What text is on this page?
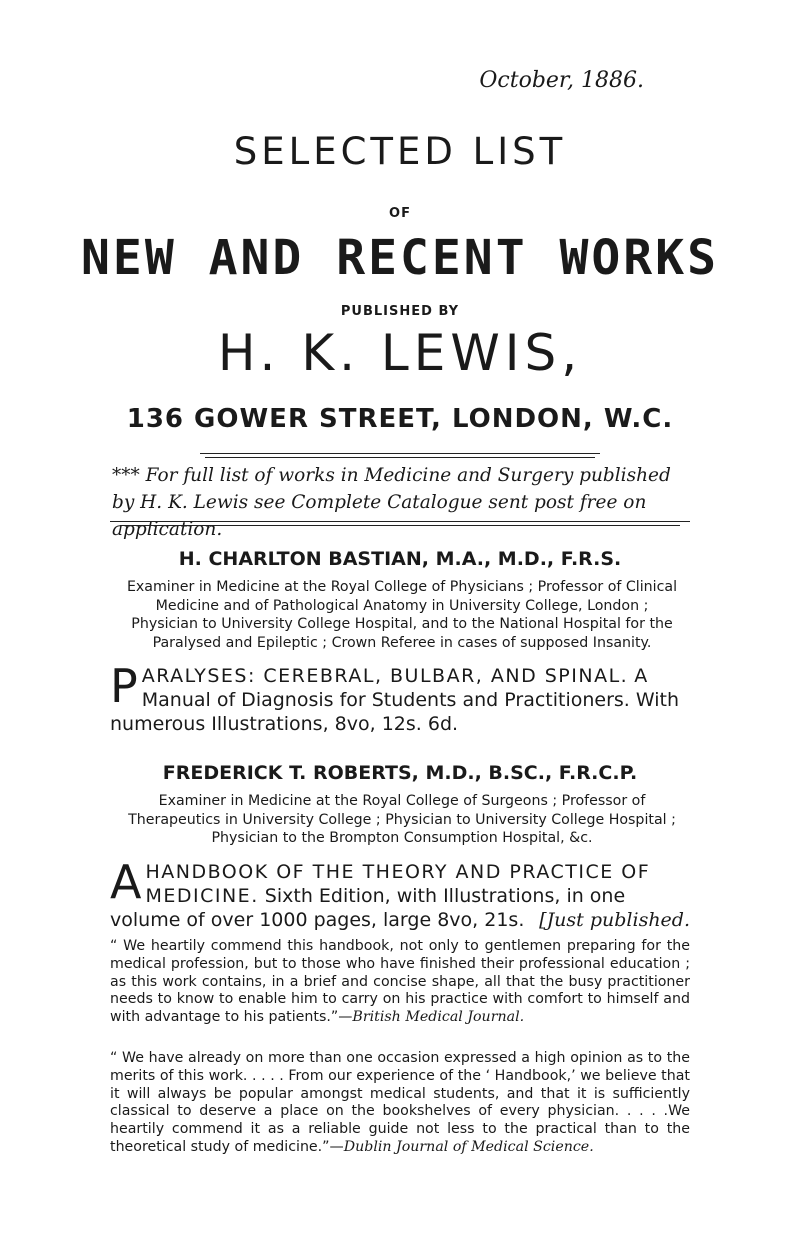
October, 1886.
SELECTED LIST
OF
NEW AND RECENT WORKS
PUBLISHED BY
H. K. LEWIS,
136 GOWER STREET, LONDON, W.C.
*** For full list of works in Medicine and Surgery published by H. K. Lewis see Complete Catalogue sent post free on application.
H. CHARLTON BASTIAN, M.A., M.D., F.R.S.
Examiner in Medicine at the Royal College of Physicians ; Professor of Clinical Medicine and of Pathological Anatomy in University College, London ; Physician to University College Hospital, and to the National Hospital for the Paralysed and Epileptic ; Crown Referee in cases of supposed Insanity.
PARALYSES: CEREBRAL, BULBAR, AND SPINAL. A Manual of Diagnosis for Students and Practitioners. With numerous Illustrations, 8vo, 12s. 6d.
FREDERICK T. ROBERTS, M.D., B.SC., F.R.C.P.
Examiner in Medicine at the Royal College of Surgeons ; Professor of Therapeutics in University College ; Physician to University College Hospital ; Physician to the Brompton Consumption Hospital, &c.
AHANDBOOK OF THE THEORY AND PRACTICE OF MEDICINE. Sixth Edition, with Illustrations, in one volume of over 1000 pages, large 8vo, 21s. [Just published.
“ We heartily commend this handbook, not only to gentlemen preparing for the medical profession, but to those who have finished their professional education ; as this work contains, in a brief and concise shape, all that the busy practitioner needs to know to enable him to carry on his practice with comfort to himself and with advantage to his patients.”—British Medical Journal.
“ We have already on more than one occasion expressed a high opinion as to the merits of this work. . . . . From our experience of the ‘ Handbook,’ we believe that it will always be popular amongst medical students, and that it is sufficiently classical to deserve a place on the bookshelves of every physician. . . . .We heartily commend it as a reliable guide not less to the practical than to the theoretical study of medicine.”—Dublin Journal of Medical Science.
